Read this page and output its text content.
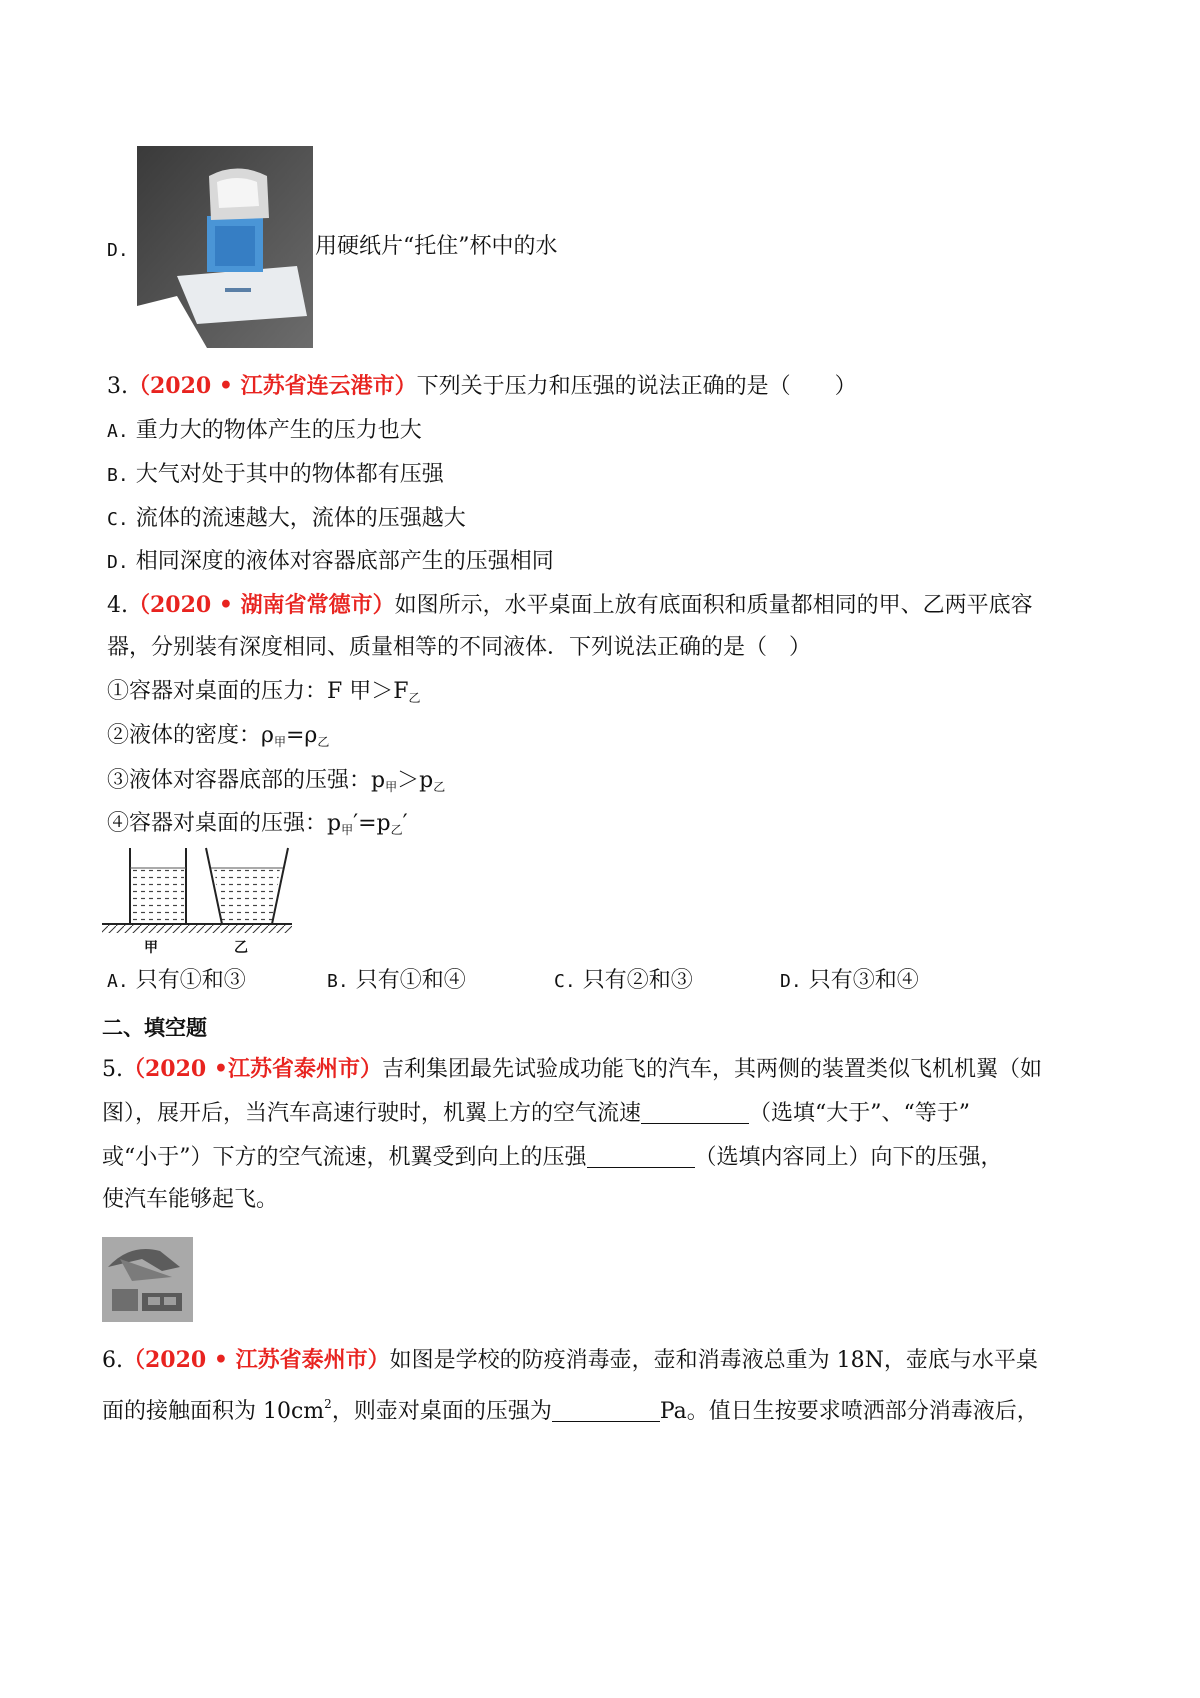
D.	用硬纸片“托住”杯中的水
3.（2020 • 江苏省连云港市）下列关于压力和压强的说法正确的是（　　）
A. 重力大的物体产生的压力也大
B. 大气对处于其中的物体都有压强
C. 流体的流速越大，流体的压强越大
D. 相同深度的液体对容器底部产生的压强相同
4.（2020 • 湖南省常德市）如图所示，水平桌面上放有底面积和质量都相同的甲、乙两平底容
器，分别装有深度相同、质量相等的不同液体．下列说法正确的是（　）
①容器对桌面的压力：F 甲$>F_乙$
②液体的密度：$\rho_甲=\rho_乙$
③液体对容器底部的压强：$p_甲>p_乙$
④容器对桌面的压强：$p_甲'=p_乙'$
甲	乙
A. 只有①和③	B. 只有①和④	C. 只有②和③	D. 只有③和④
二、填空题
5.（2020 •江苏省泰州市）吉利集团最先试验成功能飞的汽车，其两侧的装置类似飞机机翼（如
图），展开后，当汽车高速行驶时，机翼上方的空气流速	（选填“大于”、“等于”
或“小于”）下方的空气流速，机翼受到向上的压强	（选填内容同上）向下的压强，
使汽车能够起飞。
6.（2020 • 江苏省泰州市）如图是学校的防疫消毒壶，壶和消毒液总重为 18N，壶底与水平桌
面的接触面积为 $10cm^2$，则壶对桌面的压强为	Pa。值日生按要求喷洒部分消毒液后，
